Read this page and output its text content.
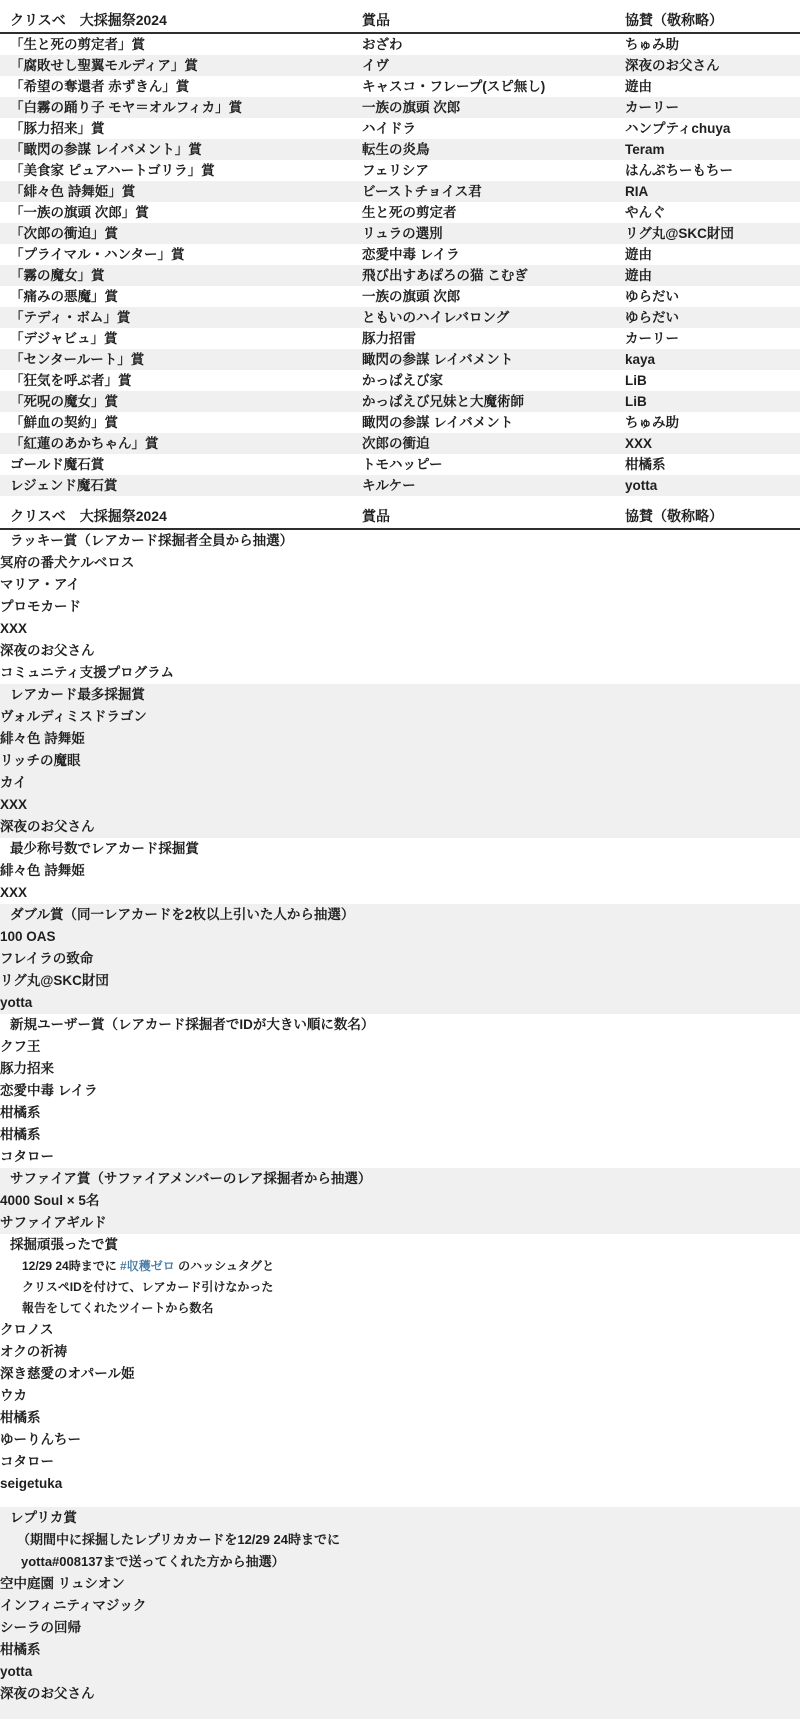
クリスベ　大採掘祭2024	賞品	協賛（敬称略）
「生と死の剪定者」賞	おざわ	ちゅみ助
「腐敗せし聖翼モルディア」賞	イヴ	深夜のお父さん
「希望の奪還者 赤ずきん」賞	キャスコ・フレープ(スピ無し)	遊由
「白霧の踊り子 モヤ＝オルフィカ」賞	一族の旗頭 次郎	カーリー
「豚力招来」賞	ハイドラ	ハンプティchuya
「瞰閃の参謀 レイバメント」賞	転生の炎鳥	Teram
「美食家 ピュアハートゴリラ」賞	フェリシア	はんぷちーもちー
「緋々色 詩舞姫」賞	ビーストチョイス君	RIA
「一族の旗頭 次郎」賞	生と死の剪定者	やんぐ
「次郎の衝迫」賞	リュラの選別	リグ丸@SKC財団
「プライマル・ハンター」賞	恋愛中毒 レイラ	遊由
「霧の魔女」賞	飛び出すあぽろの猫 こむぎ	遊由
「痛みの悪魔」賞	一族の旗頭 次郎	ゆらだい
「テディ・ボム」賞	ともいのハイレバロング	ゆらだい
「デジャビュ」賞	豚力招雷	カーリー
「センタールート」賞	瞰閃の参謀 レイバメント	kaya
「狂気を呼ぶ者」賞	かっぱえび家	LiB
「死呪の魔女」賞	かっぱえび兄妹と大魔術師	LiB
「鮮血の契約」賞	瞰閃の参謀 レイバメント	ちゅみ助
「紅蓮のあかちゃん」賞	次郎の衝迫	XXX
ゴールド魔石賞	トモハッピー	柑橘系
レジェンド魔石賞	キルケー	yotta
クリスベ　大採掘祭2024	賞品	協賛（敬称略）
ラッキー賞（レアカード採掘者全員から抽選）
冥府の番犬ケルベロス
マリア・アイ
プロモカード
XXX
深夜のお父さん
コミュニティ支援プログラム
レアカード最多採掘賞
ヴォルディミスドラゴン
緋々色 詩舞姫
リッチの魔眼
カイ
XXX
深夜のお父さん
最少称号数でレアカード採掘賞
緋々色 詩舞姫
XXX
ダブル賞（同一レアカードを2枚以上引いた人から抽選）
100 OAS
フレイラの致命
リグ丸@SKC財団
yotta
新規ユーザー賞（レアカード採掘者でIDが大きい順に数名）
クフ王
豚力招来
恋愛中毒 レイラ
柑橘系
柑橘系
コタロー
サファイア賞（サファイアメンバーのレア採掘者から抽選）
4000 Soul × 5名
サファイアギルド
採掘頑張ったで賞
12/29 24時までに #収穫ゼロ のハッシュタグと
クリスペIDを付けて、レアカード引けなかった
報告をしてくれたツイートから数名
クロノス
オクの祈祷
深き慈愛のオパール姫
ウカ
柑橘系
ゆーりんちー
コタロー
seigetuka
レプリカ賞
（期間中に採掘したレプリカカードを12/29 24時までに
yotta#008137まで送ってくれた方から抽選）
空中庭園 リュシオン
インフィニティマジック
シーラの回帰
柑橘系
yotta
深夜のお父さん
